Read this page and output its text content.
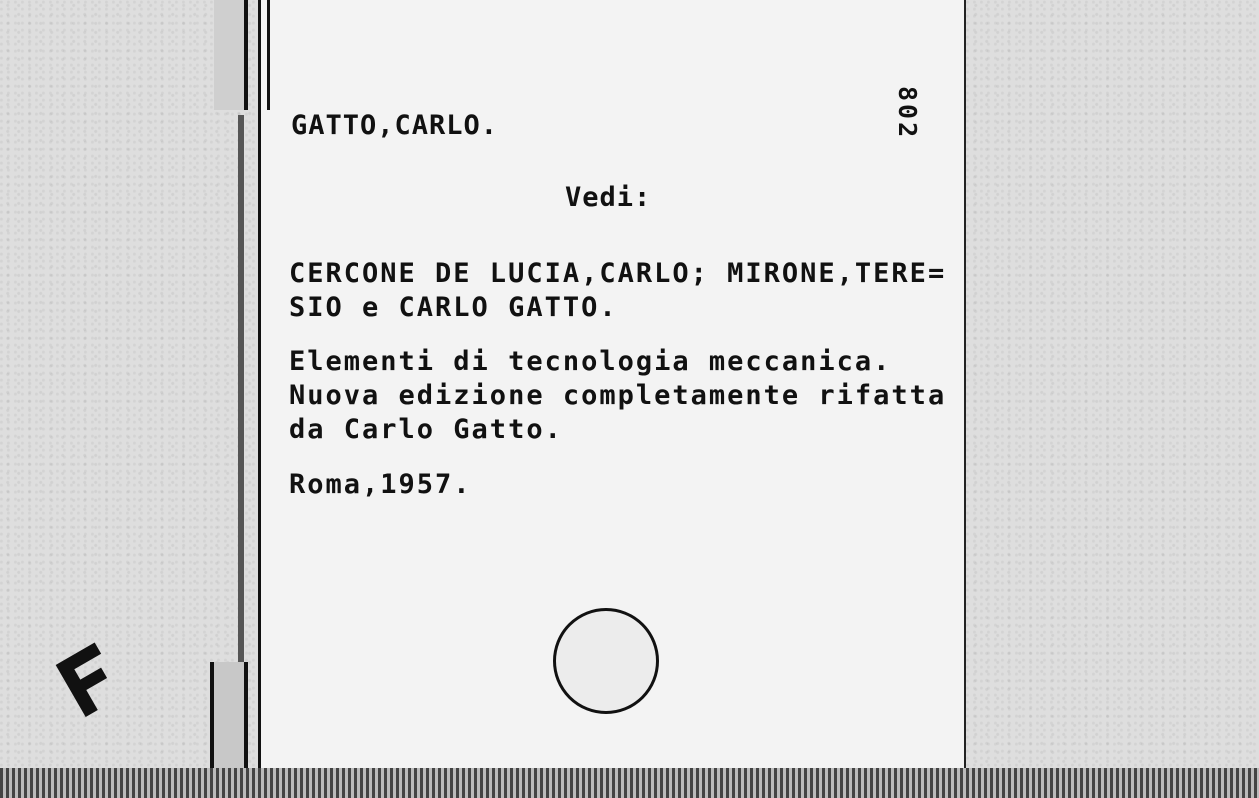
GATTO,CARLO.	802
Vedi:
CERCONE DE LUCIA,CARLO; MIRONE,TERE=
SIO e CARLO GATTO.
Elementi di tecnologia meccanica.
Nuova edizione completamente rifatta
da Carlo Gatto.
Roma,1957.
